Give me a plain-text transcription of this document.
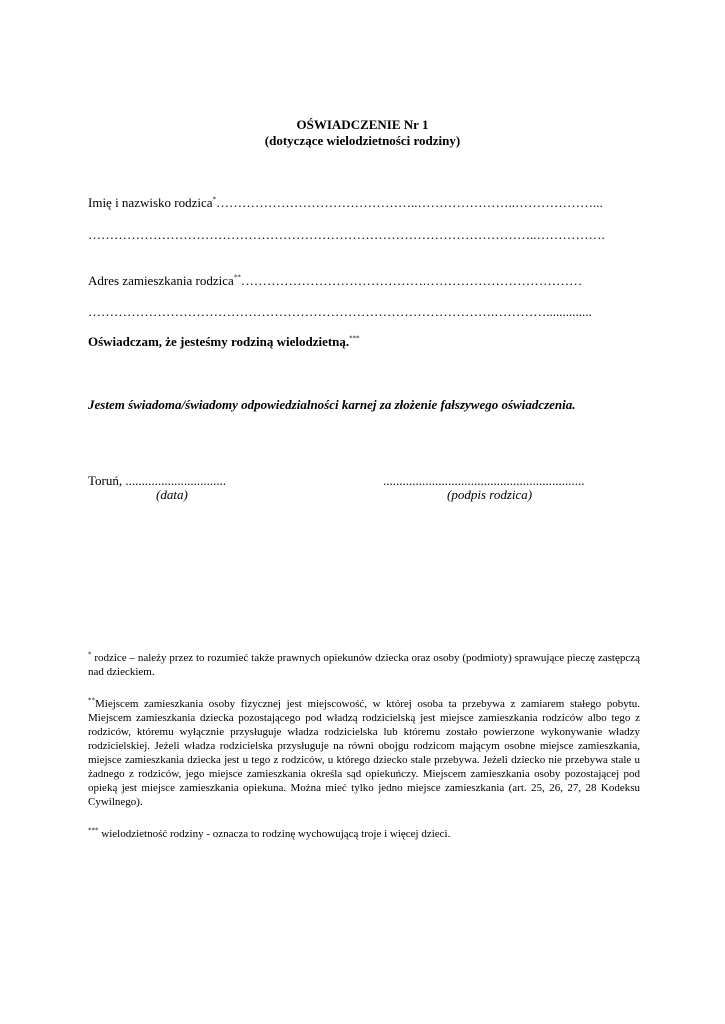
OŚWIADCZENIE Nr 1
(dotyczące wielodzietności rodziny)
Imię i nazwisko rodzica*………………………………………..…………………..………………...
…………………………………………………………………………………………..…………….
Adres zamieszkania rodzica**…………………………………….………………………………
………………………………………………………………………………….…………..............
Oświadczam, że jesteśmy rodziną wielodzietną.***
Jestem świadoma/świadomy odpowiedzialności karnej za złożenie fałszywego oświadczenia.
Toruń, ...............................	..............................................................
(data)	(podpis rodzica)
* rodzice – należy przez to rozumieć także prawnych opiekunów dziecka oraz osoby (podmioty) sprawujące pieczę zastępczą nad dzieckiem.
**Miejscem zamieszkania osoby fizycznej jest miejscowość, w której osoba ta przebywa z zamiarem stałego pobytu. Miejscem zamieszkania dziecka pozostającego pod władzą rodzicielską jest miejsce zamieszkania rodziców albo tego z rodziców, któremu wyłącznie przysługuje władza rodzicielska lub któremu zostało powierzone wykonywanie władzy rodzicielskiej. Jeżeli władza rodzicielska przysługuje na równi obojgu rodzicom mającym osobne miejsce zamieszkania, miejsce zamieszkania dziecka jest u tego z rodziców, u którego dziecko stale przebywa. Jeżeli dziecko nie przebywa stale u żadnego z rodziców, jego miejsce zamieszkania określa sąd opiekuńczy. Miejscem zamieszkania osoby pozostającej pod opieką jest miejsce zamieszkania opiekuna. Można mieć tylko jedno miejsce zamieszkania (art. 25, 26, 27, 28 Kodeksu Cywilnego).
*** wielodzietność rodziny - oznacza to rodzinę wychowującą troje i więcej dzieci.
